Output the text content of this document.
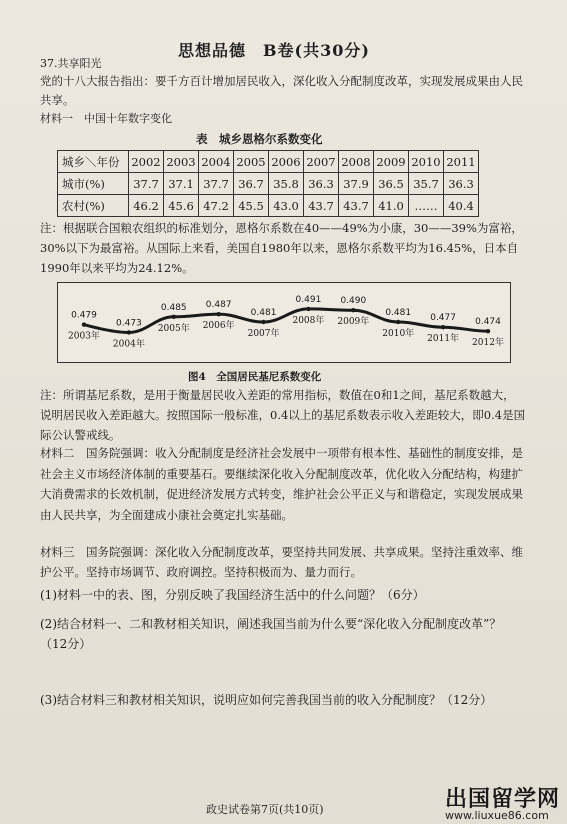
思想品德　B卷(共30分)
37.共享阳光
党的十八大报告指出：要千方百计增加居民收入，深化收入分配制度改革，实现发展成果由人民共享。
材料一　中国十年数字变化
表　城乡恩格尔系数变化
城乡＼年份	2002	2003	2004	2005	2006	2007	2008	2009	2010	2011
城市(%)	37.7	37.1	37.7	36.7	35.8	36.3	37.9	36.5	35.7	36.3
农村(%)	46.2	45.6	47.2	45.5	43.0	43.7	43.7	41.0	……	40.4
注：根据联合国粮农组织的标准划分，恩格尔系数在40——49%为小康，30——39%为富裕，30%以下为最富裕。从国际上来看，美国自1980年以来，恩格尔系数平均为16.45%，日本自1990年以来平均为24.12%。
0.479
2003年
0.473
2004年
0.485
2005年
0.487
2006年
0.481
2007年
0.491
2008年
0.490
2009年
0.481
2010年
0.477
2011年
0.474
2012年
图4　全国居民基尼系数变化
注：所谓基尼系数，是用于衡量居民收入差距的常用指标，数值在0和1之间，基尼系数越大，说明居民收入差距越大。按照国际一般标准，0.4以上的基尼系数表示收入差距较大，即0.4是国际公认警戒线。
材料二　国务院强调：收入分配制度是经济社会发展中一项带有根本性、基础性的制度安排，是社会主义市场经济体制的重要基石。要继续深化收入分配制度改革，优化收入分配结构，构建扩大消费需求的长效机制，促进经济发展方式转变，维护社会公平正义与和谐稳定，实现发展成果由人民共享，为全面建成小康社会奠定扎实基础。
材料三　国务院强调：深化收入分配制度改革，要坚持共同发展、共享成果。坚持注重效率、维护公平。坚持市场调节、政府调控。坚持积极而为、量力而行。
(1)材料一中的表、图，分别反映了我国经济生活中的什么问题？（6分）
(2)结合材料一、二和教材相关知识，阐述我国当前为什么要“深化收入分配制度改革”？（12分）
(3)结合材料三和教材相关知识，说明应如何完善我国当前的收入分配制度？（12分）
政史试卷第7页(共10页)	出国留学网
www.liuxue86.com
